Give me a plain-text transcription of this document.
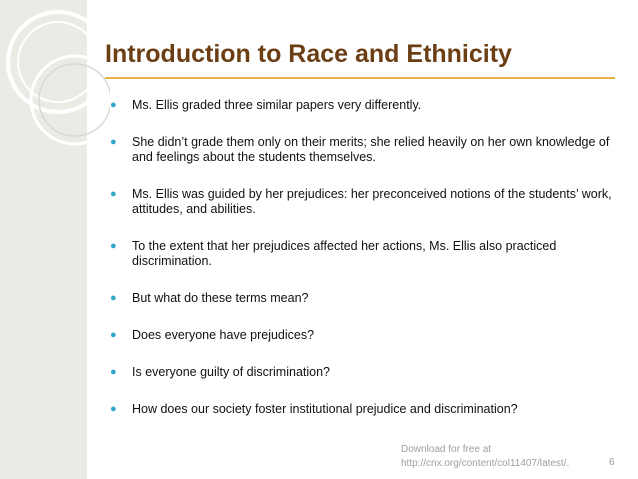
Introduction to Race and Ethnicity
● Ms. Ellis graded three similar papers very differently.
● She didn’t grade them only on their merits; she relied heavily on her own knowledge of and feelings about the students themselves.
● Ms. Ellis was guided by her prejudices: her preconceived notions of the students’ work, attitudes, and abilities.
● To the extent that her prejudices affected her actions, Ms. Ellis also practiced discrimination.
● But what do these terms mean?
● Does everyone have prejudices?
● Is everyone guilty of discrimination?
● How does our society foster institutional prejudice and discrimination?
Download for free at
http://cnx.org/content/col11407/latest/.	6
